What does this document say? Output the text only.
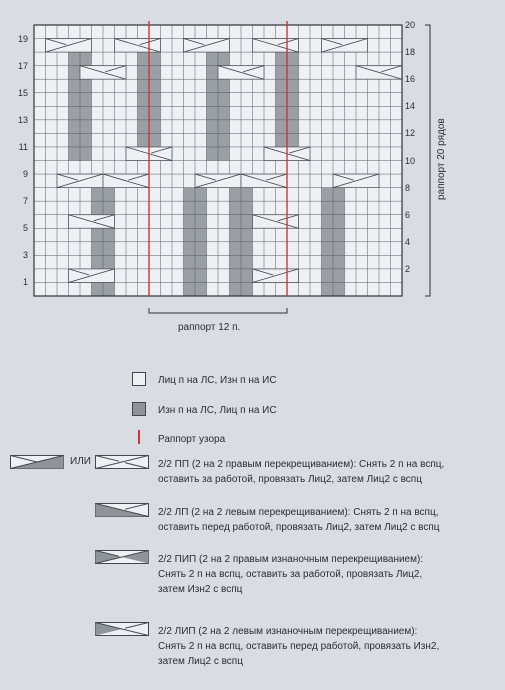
1
3
5
7
9
11
13
15
17
19
2
4
6
8
10
12
14
16
18
20
раппорт 12 п.
раппорт 20 рядов
Лиц п на ЛС, Изн п на ИС
Изн п на ЛС, Лиц п на ИС
Раппорт узора
ИЛИ	2/2 ПП (2 на 2 правым перекрещиванием): Снять 2 п на вспц,
оставить за работой, провязать Лиц2, затем Лиц2 с вспц
2/2 ЛП (2 на 2 левым перекрещиванием): Снять 2 п на вспц,
оставить перед работой, провязать Лиц2, затем Лиц2 с вспц
2/2 ПИП (2 на 2 правым изнаночным перекрещиванием):
Снять 2 п на вспц, оставить за работой, провязать Лиц2,
затем Изн2 с вспц
2/2 ЛИП (2 на 2 левым изнаночным перекрещиванием):
Снять 2 п на вспц, оставить перед работой, провязать Изн2,
затем Лиц2 с вспц
